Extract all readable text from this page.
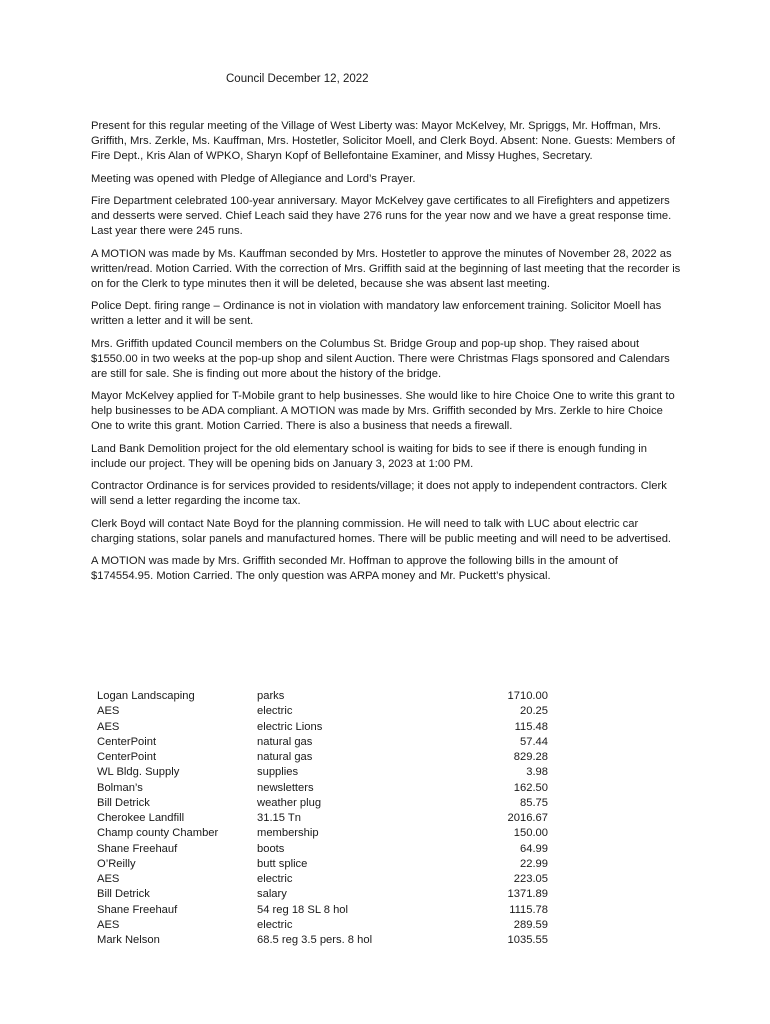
Council December 12, 2022

Present for this regular meeting of the Village of West Liberty was: Mayor McKelvey, Mr. Spriggs, Mr. Hoffman, Mrs. Griffith, Mrs. Zerkle, Ms. Kauffman, Mrs. Hostetler, Solicitor Moell, and Clerk Boyd. Absent: None. Guests: Members of Fire Dept., Kris Alan of WPKO, Sharyn Kopf of Bellefontaine Examiner, and Missy Hughes, Secretary.

Meeting was opened with Pledge of Allegiance and Lord’s Prayer.

Fire Department celebrated 100-year anniversary. Mayor McKelvey gave certificates to all Firefighters and appetizers and desserts were served. Chief Leach said they have 276 runs for the year now and we have a great response time. Last year there were 245 runs.

A MOTION was made by Ms. Kauffman seconded by Mrs. Hostetler to approve the minutes of November 28, 2022 as written/read. Motion Carried. With the correction of Mrs. Griffith said at the beginning of last meeting that the recorder is on for the Clerk to type minutes then it will be deleted, because she was absent last meeting.

Police Dept. firing range – Ordinance is not in violation with mandatory law enforcement training. Solicitor Moell has written a letter and it will be sent.

Mrs. Griffith updated Council members on the Columbus St. Bridge Group and pop-up shop. They raised about $1550.00 in two weeks at the pop-up shop and silent Auction. There were Christmas Flags sponsored and Calendars are still for sale. She is finding out more about the history of the bridge.

Mayor McKelvey applied for T-Mobile grant to help businesses. She would like to hire Choice One to write this grant to help businesses to be ADA compliant. A MOTION was made by Mrs. Griffith seconded by Mrs. Zerkle to hire Choice One to write this grant. Motion Carried. There is also a business that needs a firewall.

Land Bank Demolition project for the old elementary school is waiting for bids to see if there is enough funding in include our project. They will be opening bids on January 3, 2023 at 1:00 PM.

Contractor Ordinance is for services provided to residents/village; it does not apply to independent contractors. Clerk will send a letter regarding the income tax.

Clerk Boyd will contact Nate Boyd for the planning commission. He will need to talk with LUC about electric car charging stations, solar panels and manufactured homes. There will be public meeting and will need to be advertised.

A MOTION was made by Mrs. Griffith seconded Mr. Hoffman to approve the following bills in the amount of $174554.95. Motion Carried. The only question was ARPA money and Mr. Puckett’s physical.

Logan Landscaping	parks	1710.00
AES	electric	20.25
AES	electric Lions	115.48
CenterPoint	natural gas	57.44
CenterPoint	natural gas	829.28
WL Bldg. Supply	supplies	3.98
Bolman’s	newsletters	162.50
Bill Detrick	weather plug	85.75
Cherokee Landfill	31.15 Tn	2016.67
Champ county Chamber	membership	150.00
Shane Freehauf	boots	64.99
O’Reilly	butt splice	22.99
AES	electric	223.05
Bill Detrick	salary	1371.89
Shane Freehauf	54 reg 18 SL 8 hol	1115.78
AES	electric	289.59
Mark Nelson	68.5 reg 3.5 pers. 8 hol	1035.55
